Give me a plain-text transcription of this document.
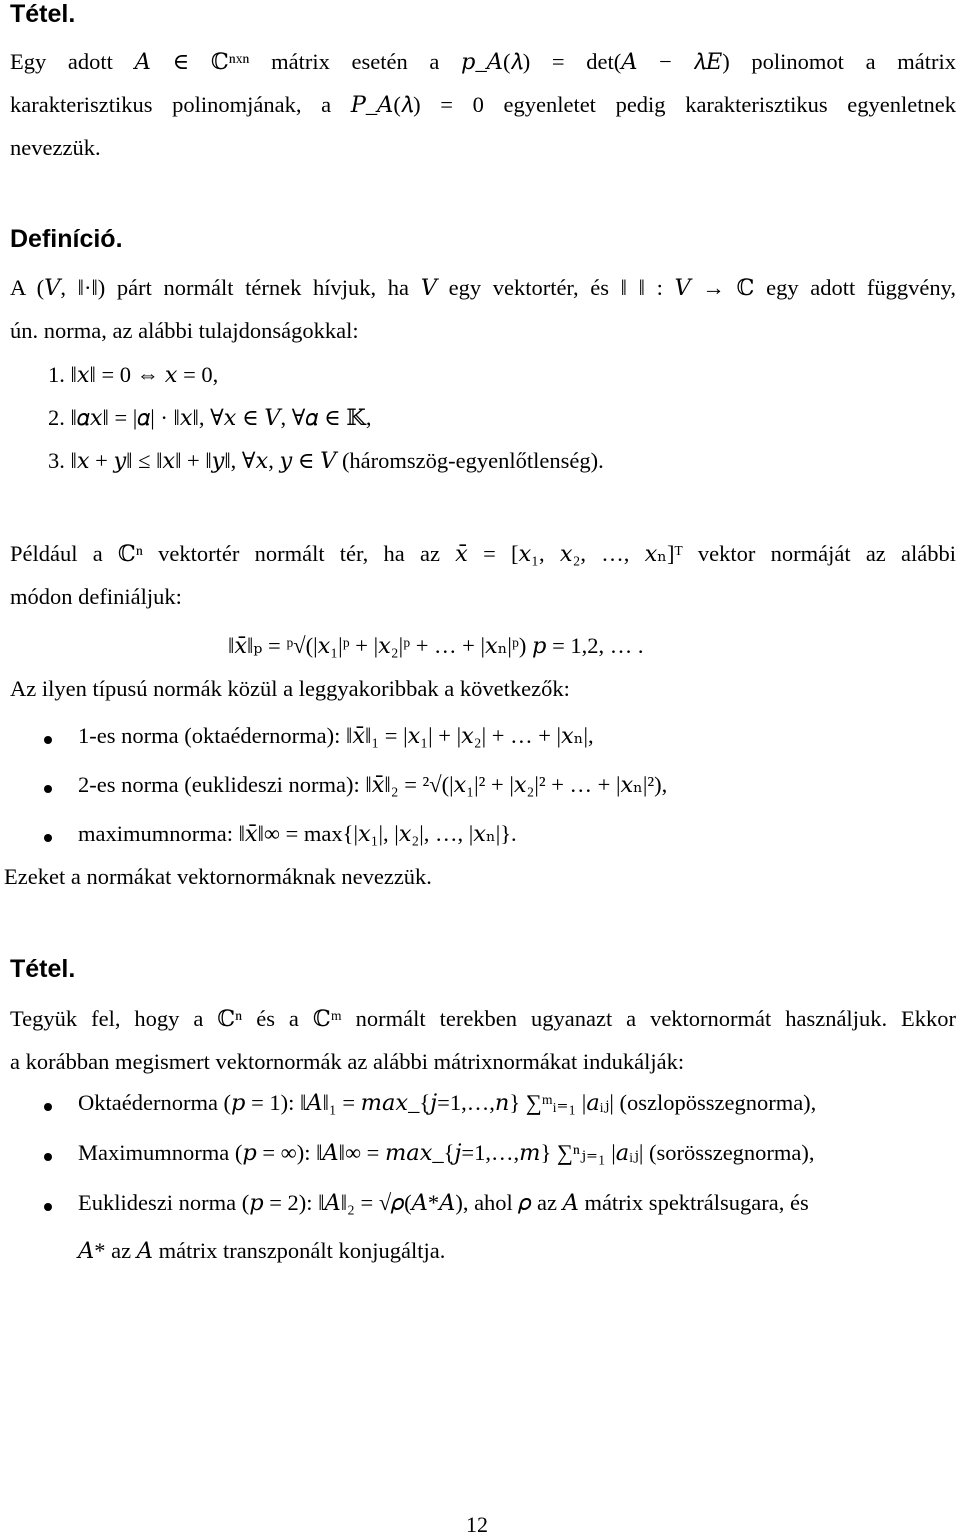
Tétel.
Egy adott 𝐴 ∈ ℂⁿˣⁿ mátrix esetén a 𝑝_𝐴(𝜆) = det(𝐴 − 𝜆𝐸) polinomot a mátrix
karakterisztikus polinomjának, a 𝑃_𝐴(𝜆) = 0 egyenletet pedig karakterisztikus egyenletnek
nevezzük.
Definíció.
A (𝑉, ‖·‖) párt normált térnek hívjuk, ha 𝑉 egy vektortér, és ‖ ‖ : 𝑉 → ℂ egy adott függvény,
ún. norma, az alábbi tulajdonságokkal:
1. ‖𝑥‖ = 0 ⇔ 𝑥 = 0,
2. ‖𝛼𝑥‖ = |𝛼| · ‖𝑥‖, ∀𝑥 ∈ 𝑉, ∀𝛼 ∈ 𝕂,
3. ‖𝑥 + 𝑦‖ ≤ ‖𝑥‖ + ‖𝑦‖, ∀𝑥, 𝑦 ∈ 𝑉 (háromszög-egyenlőtlenség).
Például a ℂⁿ vektortér normált tér, ha az 𝑥̄ = [𝑥₁, 𝑥₂, …, 𝑥ₙ]ᵀ vektor normáját az alábbi
módon definiáljuk:
‖𝑥̄‖ₚ = ᵖ√(|𝑥₁|ᵖ + |𝑥₂|ᵖ + … + |𝑥ₙ|ᵖ) 𝑝 = 1,2, … .
Az ilyen típusú normák közül a leggyakoribbak a következők:
1-es norma (oktaédernorma): ‖𝑥̄‖₁ = |𝑥₁| + |𝑥₂| + … + |𝑥ₙ|,
2-es norma (euklideszi norma): ‖𝑥̄‖₂ = ²√(|𝑥₁|² + |𝑥₂|² + … + |𝑥ₙ|²),
maximumnorma: ‖𝑥̄‖∞ = max{|𝑥₁|, |𝑥₂|, …, |𝑥ₙ|}.
Ezeket a normákat vektornormáknak nevezzük.
Tétel.
Tegyük fel, hogy a ℂⁿ és a ℂᵐ normált terekben ugyanazt a vektornormát használjuk. Ekkor
a korábban megismert vektornormák az alábbi mátrixnormákat indukálják:
Oktaédernorma (𝑝 = 1): ‖𝐴‖₁ = 𝑚𝑎𝑥_{𝑗=1,…,𝑛} ∑ᵐᵢ₌₁ |𝑎ᵢⱼ| (oszlopösszegnorma),
Maximumnorma (𝑝 = ∞): ‖𝐴‖∞ = 𝑚𝑎𝑥_{𝑗=1,…,𝑚} ∑ⁿⱼ₌₁ |𝑎ᵢⱼ| (sorösszegnorma),
Euklideszi norma (𝑝 = 2): ‖𝐴‖₂ = √𝜌(𝐴*𝐴), ahol 𝜌 az 𝐴 mátrix spektrálsugara, és
𝐴* az 𝐴 mátrix transzponált konjugáltja.
12
